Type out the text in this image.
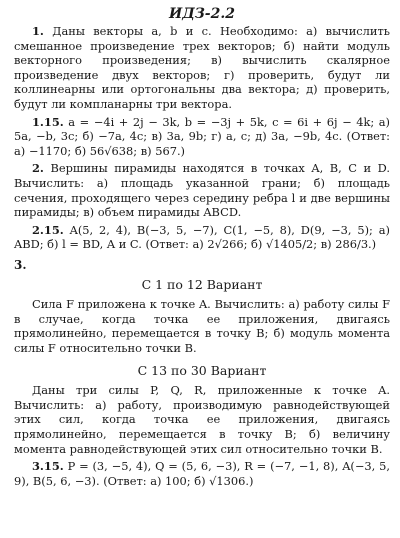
ИДЗ-2.2

1. Даны векторы a, b и c. Необходимо: а) вычислить смешанное произведение трех векторов; б) найти модуль векторного произведения; в) вычислить скалярное произведение двух векторов; г) проверить, будут ли коллинеарны или ортогональны два вектора; д) проверить, будут ли компланарны три вектора.

1.15. a = −4i + 2j − 3k, b = −3j + 5k, c = 6i + 6j − 4k; а) 5a, −b, 3c; б) −7a, 4c; в) 3a, 9b; г) a, c; д) 3a, −9b, 4c. (Ответ: а) −1170; б) 56√638; в) 567.)

2. Вершины пирамиды находятся в точках A, B, C и D. Вычислить: а) площадь указанной грани; б) площадь сечения, проходящего через середину ребра l и две вершины пирамиды; в) объем пирамиды ABCD.

2.15. A(5, 2, 4), B(−3, 5, −7), C(1, −5, 8), D(9, −3, 5); а) ABD; б) l = BD, A и C. (Ответ: а) 2√266; б) √1405/2; в) 286/3.)

3.
С 1 по 12 Вариант

Сила F приложена к точке A. Вычислить: а) работу силы F в случае, когда точка ее приложения, двигаясь прямолинейно, перемещается в точку B; б) модуль момента силы F относительно точки B.

С 13 по 30 Вариант

Даны три силы P, Q, R, приложенные к точке A. Вычислить: а) работу, производимую равнодействующей этих сил, когда точка ее приложения, двигаясь прямолинейно, перемещается в точку B; б) величину момента равнодействующей этих сил относительно точки B.

3.15. P = (3, −5, 4), Q = (5, 6, −3), R = (−7, −1, 8), A(−3, 5, 9), B(5, 6, −3). (Ответ: а) 100; б) √1306.)
